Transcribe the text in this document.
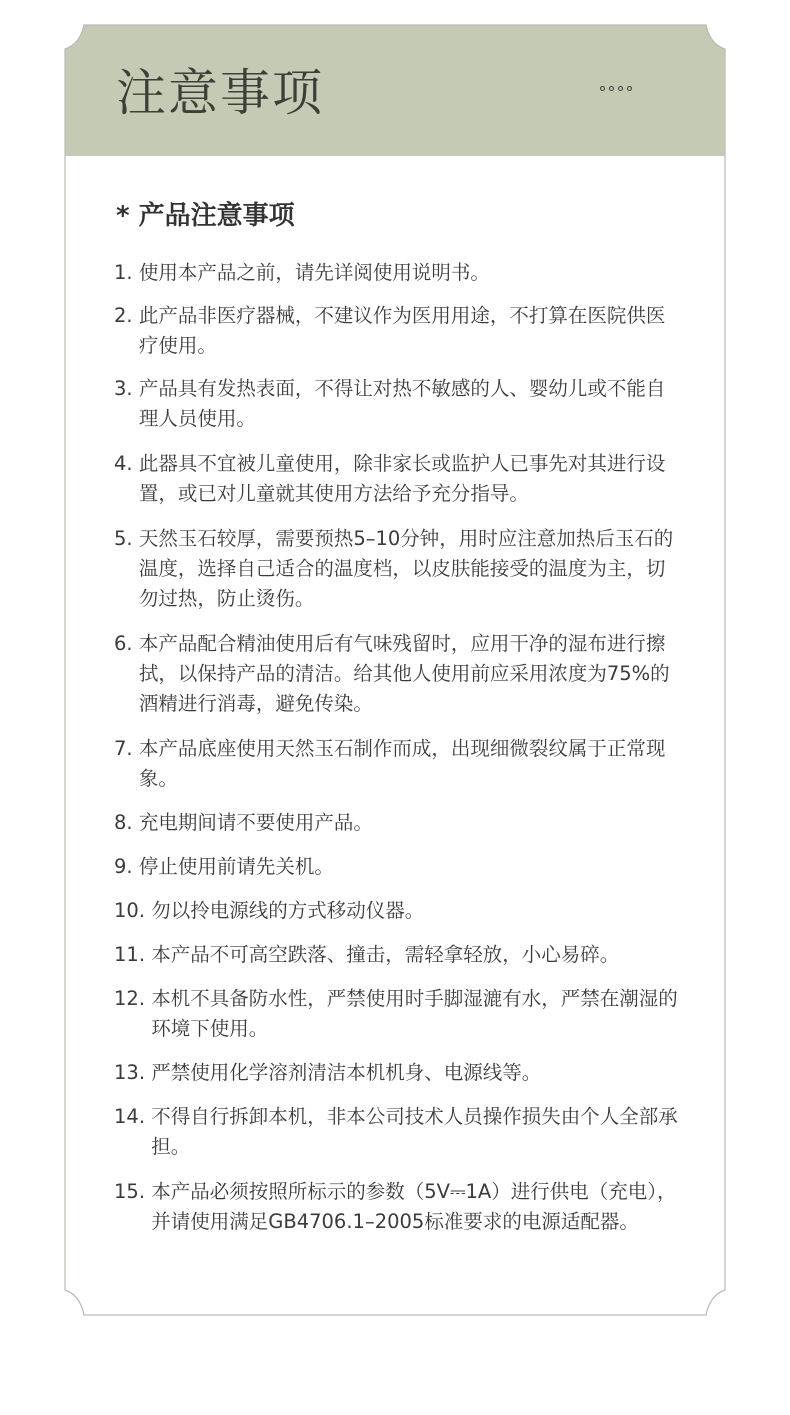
注意事项
* 产品注意事项
1. 使用本产品之前，请先详阅使用说明书。
2. 此产品非医疗器械，不建议作为医用用途，不打算在医院供医疗使用。
3. 产品具有发热表面，不得让对热不敏感的人、婴幼儿或不能自理人员使用。
4. 此器具不宜被儿童使用，除非家长或监护人已事先对其进行设置，或已对儿童就其使用方法给予充分指导。
5. 天然玉石较厚，需要预热5–10分钟，用时应注意加热后玉石的温度，选择自己适合的温度档，以皮肤能接受的温度为主，切勿过热，防止烫伤。
6. 本产品配合精油使用后有气味残留时，应用干净的湿布进行擦拭，以保持产品的清洁。给其他人使用前应采用浓度为75%的酒精进行消毒，避免传染。
7. 本产品底座使用天然玉石制作而成，出现细微裂纹属于正常现象。
8. 充电期间请不要使用产品。
9. 停止使用前请先关机。
10. 勿以拎电源线的方式移动仪器。
11. 本产品不可高空跌落、撞击，需轻拿轻放，小心易碎。
12. 本机不具备防水性，严禁使用时手脚湿漉有水，严禁在潮湿的环境下使用。
13. 严禁使用化学溶剂清洁本机机身、电源线等。
14. 不得自行拆卸本机，非本公司技术人员操作损失由个人全部承担。
15. 本产品必须按照所标示的参数（5V⎓1A）进行供电（充电），并请使用满足GB4706.1–2005标准要求的电源适配器。
